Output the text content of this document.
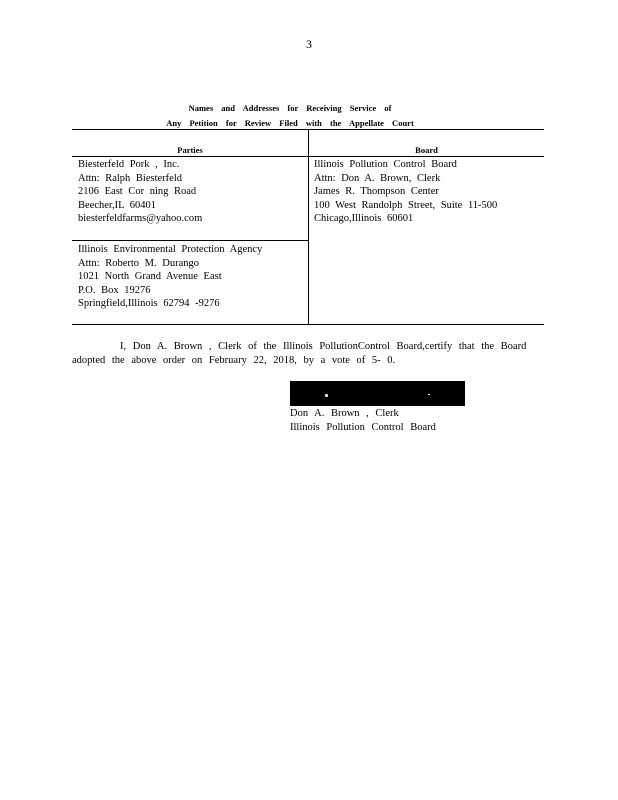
3
Names and Addresses for Receiving Service of
Any Petition for Review Filed with the Appellate Court
Parties	Board
Biesterfeld Pork , Inc.
Attn: Ralph Biesterfeld
2106 East Cor ning Road
Beecher,IL 60401
biesterfeldfarms@yahoo.com
Illinois Environmental Protection Agency
Attn: Roberto M. Durango
1021 North Grand Avenue East
P.O. Box 19276
Springfield,Illinois 62794 -9276
Illinois Pollution Control Board
Attn: Don A. Brown, Clerk
James R. Thompson Center
100 West Randolph Street, Suite 11-500
Chicago,Illinois 60601
I, Don A. Brown , Clerk of the Illinois PollutionControl Board,certify that the Board
adopted the above order on February 22, 2018, by a vote of 5- 0.
Don A. Brown , Clerk
Illinois Pollution Control Board
